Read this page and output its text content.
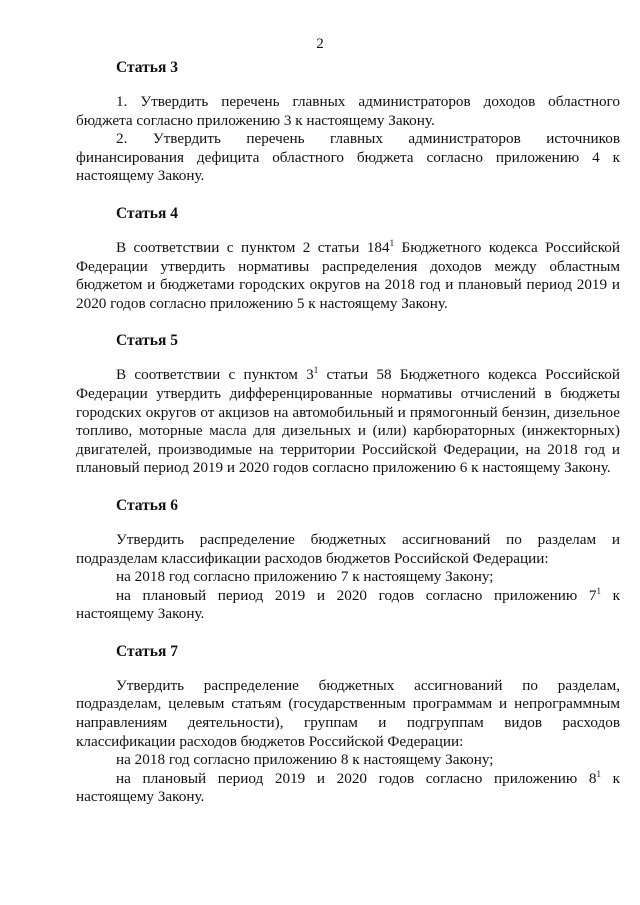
2

Статья 3

1. Утвердить перечень главных администраторов доходов областного бюджета согласно приложению 3 к настоящему Закону.

2. Утвердить перечень главных администраторов источников финансирования дефицита областного бюджета согласно приложению 4 к настоящему Закону.

Статья 4

В соответствии с пунктом 2 статьи $184^1$ Бюджетного кодекса Российской Федерации утвердить нормативы распределения доходов между областным бюджетом и бюджетами городских округов на 2018 год и плановый период 2019 и 2020 годов согласно приложению 5 к настоящему Закону.

Статья 5

В соответствии с пунктом $3^1$ статьи 58 Бюджетного кодекса Российской Федерации утвердить дифференцированные нормативы отчислений в бюджеты городских округов от акцизов на автомобильный и прямогонный бензин, дизельное топливо, моторные масла для дизельных и (или) карбюраторных (инжекторных) двигателей, производимые на территории Российской Федерации, на 2018 год и плановый период 2019 и 2020 годов согласно приложению 6 к настоящему Закону.

Статья 6

Утвердить распределение бюджетных ассигнований по разделам и подразделам классификации расходов бюджетов Российской Федерации:

на 2018 год согласно приложению 7 к настоящему Закону;

на плановый период 2019 и 2020 годов согласно приложению $7^1$ к настоящему Закону.

Статья 7

Утвердить распределение бюджетных ассигнований по разделам, подразделам, целевым статьям (государственным программам и непрограммным направлениям деятельности), группам и подгруппам видов расходов классификации расходов бюджетов Российской Федерации:

на 2018 год согласно приложению 8 к настоящему Закону;

на плановый период 2019 и 2020 годов согласно приложению $8^1$ к настоящему Закону.
